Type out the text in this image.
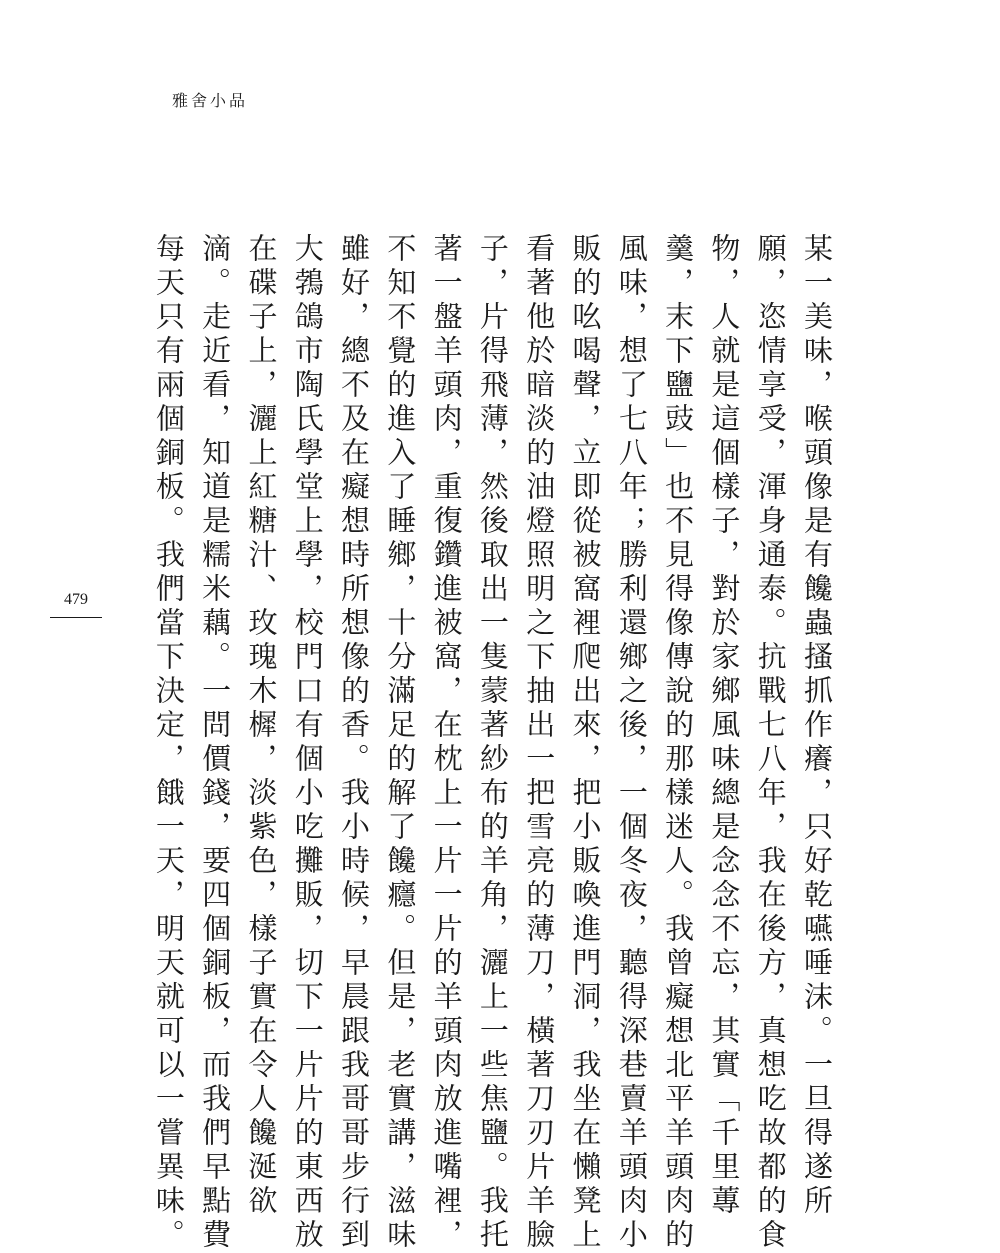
雅舍小品
479	某一美味，喉頭像是有饞蟲搔抓作癢，只好乾嚥唾沫。一旦得遂所
願，恣情享受，渾身通泰。抗戰七八年，我在後方，真想吃故都的食
物，人就是這個樣子，對於家鄉風味總是念念不忘，其實「千里蓴
羹，末下鹽豉」也不見得像傳說的那樣迷人。我曾癡想北平羊頭肉的
風味，想了七八年；勝利還鄉之後，一個冬夜，聽得深巷賣羊頭肉小
販的吆喝聲，立即從被窩裡爬出來，把小販喚進門洞，我坐在懶凳上
看著他於暗淡的油燈照明之下抽出一把雪亮的薄刀，橫著刀刃片羊臉
子，片得飛薄，然後取出一隻蒙著紗布的羊角，灑上一些焦鹽。我托
著一盤羊頭肉，重復鑽進被窩，在枕上一片一片的羊頭肉放進嘴裡，
不知不覺的進入了睡鄉，十分滿足的解了饞癮。但是，老實講，滋味
雖好，總不及在癡想時所想像的香。我小時候，早晨跟我哥哥步行到
大鵓鴿市陶氏學堂上學，校門口有個小吃攤販，切下一片片的東西放
在碟子上，灑上紅糖汁、玫瑰木樨，淡紫色，樣子實在令人饞涎欲
滴。走近看，知道是糯米藕。一問價錢，要四個銅板，而我們早點費
每天只有兩個銅板。我們當下決定，餓一天，明天就可以一嘗異味。
